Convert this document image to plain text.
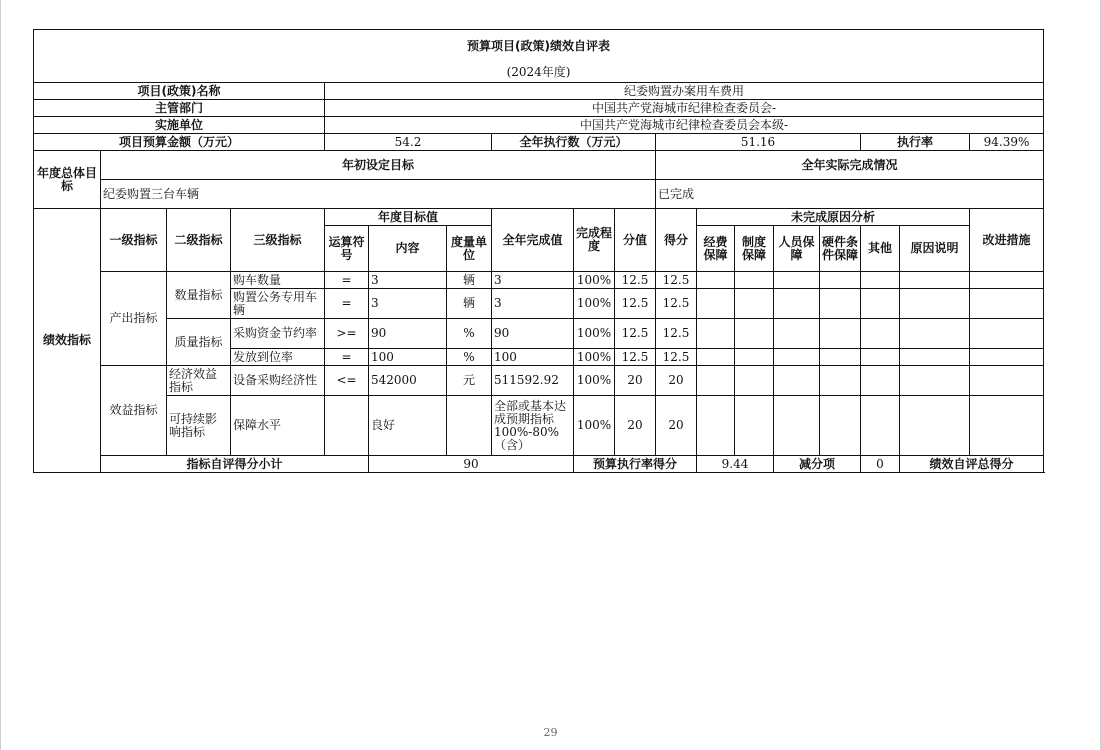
预算项目(政策)绩效自评表																		
(2024年度)																		
项目(政策)名称				纪委购置办案用车费用														
主管部门				中国共产党海城市纪律检查委员会-														
实施单位				中国共产党海城市纪律检查委员会本级-														
项目预算金额（万元）				54.2			全年执行数（万元）			51.16					执行率		94.39%	
年度总体目标	年初设定目标									全年实际完成情况								
	纪委购置三台车辆									已完成								
绩效指标	一级指标	二级指标	三级指标	年度目标值			全年完成值	完成程度	分值	得分	未完成原因分析						改进措施	
				运算符号	内容	度量单位					经费保障	制度保障	人员保障	硬件条件保障	其他	原因说明		
	产出指标	数量指标	购车数量	=	3	辆	3	100%	12.5	12.5								
			购置公务专用车辆	=	3	辆	3	100%	12.5	12.5								
		质量指标	采购资金节约率	>=	90	%	90	100%	12.5	12.5								
			发放到位率	=	100	%	100	100%	12.5	12.5								
	效益指标	经济效益指标	设备采购经济性	<=	542000	元	511592.92	100%	20	20								
		可持续影响指标	保障水平		良好		全部或基本达成预期指标100%-80%（含）	100%	20	20								
	指标自评得分小计				90			预算执行率得分			9.44		减分项		0	绩效自评总得分	
29
